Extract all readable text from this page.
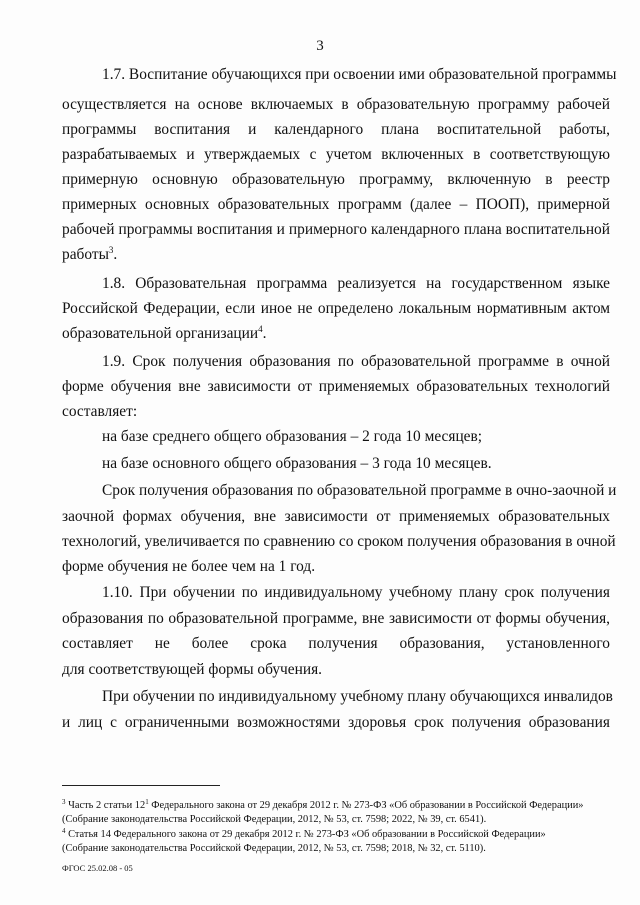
3
1.7. Воспитание обучающихся при освоении ими образовательной программы
осуществляется на основе включаемых в образовательную программу рабочей
программы воспитания и календарного плана воспитательной работы,
разрабатываемых и утверждаемых с учетом включенных в соответствующую
примерную основную образовательную программу, включенную в реестр
примерных основных образовательных программ (далее – ПООП), примерной
рабочей программы воспитания и примерного календарного плана воспитательной
работы$^3$.
1.8. Образовательная программа реализуется на государственном языке
Российской Федерации, если иное не определено локальным нормативным актом
образовательной организации$^4$.
1.9. Срок получения образования по образовательной программе в очной
форме обучения вне зависимости от применяемых образовательных технологий
составляет:
на базе среднего общего образования – 2 года 10 месяцев;
на базе основного общего образования – 3 года 10 месяцев.
Срок получения образования по образовательной программе в очно-заочной и
заочной формах обучения, вне зависимости от применяемых образовательных
технологий, увеличивается по сравнению со сроком получения образования в очной
форме обучения не более чем на 1 год.
1.10. При обучении по индивидуальному учебному плану срок получения
образования по образовательной программе, вне зависимости от формы обучения,
составляет не более срока получения образования, установленного
для соответствующей формы обучения.
При обучении по индивидуальному учебному плану обучающихся инвалидов
и лиц с ограниченными возможностями здоровья срок получения образования
$^3$ Часть 2 статьи $12^1$ Федерального закона от 29 декабря 2012 г. № 273-ФЗ «Об образовании в Российской Федерации»
(Собрание законодательства Российской Федерации, 2012, № 53, ст. 7598; 2022, № 39, ст. 6541).
$^4$ Статья 14 Федерального закона от 29 декабря 2012 г. № 273-ФЗ «Об образовании в Российской Федерации»
(Собрание законодательства Российской Федерации, 2012, № 53, ст. 7598; 2018, № 32, ст. 5110).
ФГОС 25.02.08 - 05
